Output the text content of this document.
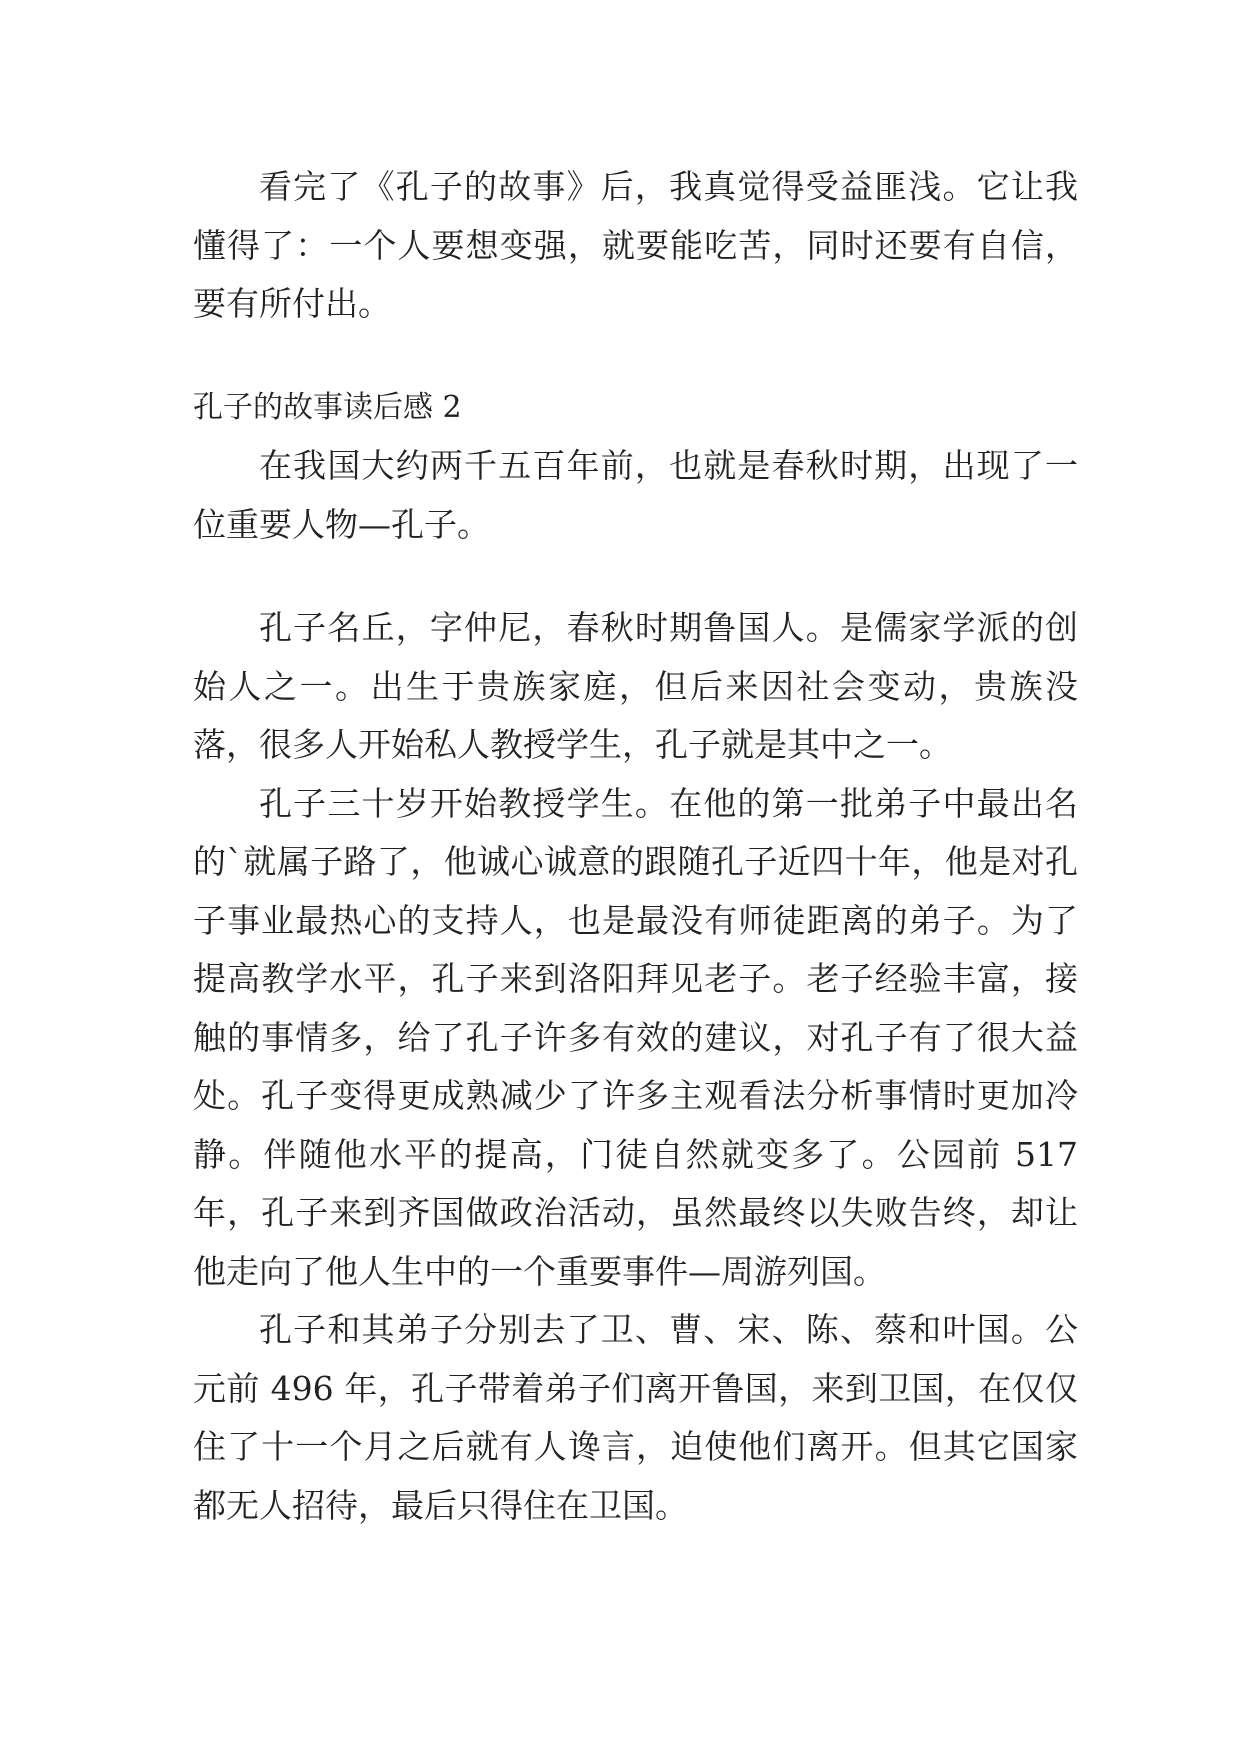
看完了《孔子的故事》后，我真觉得受益匪浅。它让我懂得了：一个人要想变强，就要能吃苦，同时还要有自信，要有所付出。

孔子的故事读后感 2

在我国大约两千五百年前，也就是春秋时期，出现了一位重要人物—孔子。

孔子名丘，字仲尼，春秋时期鲁国人。是儒家学派的创始人之一。出生于贵族家庭，但后来因社会变动，贵族没落，很多人开始私人教授学生，孔子就是其中之一。

孔子三十岁开始教授学生。在他的第一批弟子中最出名的`就属子路了，他诚心诚意的跟随孔子近四十年，他是对孔子事业最热心的支持人，也是最没有师徒距离的弟子。为了提高教学水平，孔子来到洛阳拜见老子。老子经验丰富，接触的事情多，给了孔子许多有效的建议，对孔子有了很大益处。孔子变得更成熟减少了许多主观看法分析事情时更加冷静。伴随他水平的提高，门徒自然就变多了。公园前 517 年，孔子来到齐国做政治活动，虽然最终以失败告终，却让他走向了他人生中的一个重要事件—周游列国。

孔子和其弟子分别去了卫、曹、宋、陈、蔡和叶国。公元前 496 年，孔子带着弟子们离开鲁国，来到卫国，在仅仅住了十一个月之后就有人谗言，迫使他们离开。但其它国家都无人招待，最后只得住在卫国。
